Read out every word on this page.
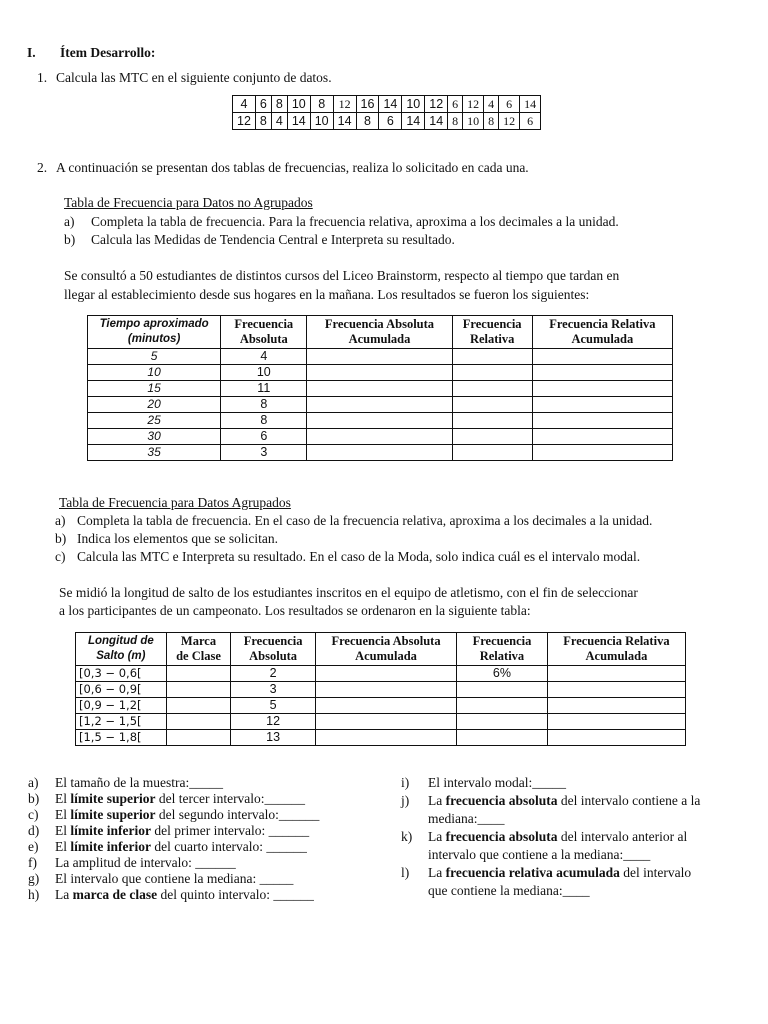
I. Ítem Desarrollo:
1. Calcula las MTC en el siguiente conjunto de datos.
4	6	8	10	8	12	16	14	10	12	6	12	4	6	14
12	8	4	14	10	14	8	6	14	14	8	10	8	12	6
2. A continuación se presentan dos tablas de frecuencias, realiza lo solicitado en cada una.
Tabla de Frecuencia para Datos no Agrupados
a) Completa la tabla de frecuencia. Para la frecuencia relativa, aproxima a los decimales a la unidad.
b) Calcula las Medidas de Tendencia Central e Interpreta su resultado.
Se consultó a 50 estudiantes de distintos cursos del Liceo Brainstorm, respecto al tiempo que tardan en
llegar al establecimiento desde sus hogares en la mañana. Los resultados se fueron los siguientes:
Tiempo aproximado
(minutos)	Frecuencia
Absoluta	Frecuencia Absoluta
Acumulada	Frecuencia
Relativa	Frecuencia Relativa
Acumulada
5	4			
10	10			
15	11			
20	8			
25	8			
30	6			
35	3			
Tabla de Frecuencia para Datos Agrupados
a) Completa la tabla de frecuencia. En el caso de la frecuencia relativa, aproxima a los decimales a la unidad.
b) Indica los elementos que se solicitan.
c) Calcula las MTC e Interpreta su resultado. En el caso de la Moda, solo indica cuál es el intervalo modal.
Se midió la longitud de salto de los estudiantes inscritos en el equipo de atletismo, con el fin de seleccionar
a los participantes de un campeonato. Los resultados se ordenaron en la siguiente tabla:
Longitud de
Salto (m)	Marca
de Clase	Frecuencia
Absoluta	Frecuencia Absoluta
Acumulada	Frecuencia
Relativa	Frecuencia Relativa
Acumulada
[0,3 − 0,6[		2		6%	
[0,6 − 0,9[		3			
[0,9 − 1,2[		5			
[1,2 − 1,5[		12			
[1,5 − 1,8[		13			
a) El tamaño de la muestra:_____
b) El límite superior del tercer intervalo:______
c) El límite superior del segundo intervalo:______
d) El límite inferior del primer intervalo: ______
e) El límite inferior del cuarto intervalo: ______
f) La amplitud de intervalo: ______
g) El intervalo que contiene la mediana: _____
h) La marca de clase del quinto intervalo: ______
i) El intervalo modal:_____
j) La frecuencia absoluta del intervalo contiene a la
mediana:____
k) La frecuencia absoluta del intervalo anterior al
intervalo que contiene a la mediana:____
l) La frecuencia relativa acumulada del intervalo
que contiene la mediana:____
